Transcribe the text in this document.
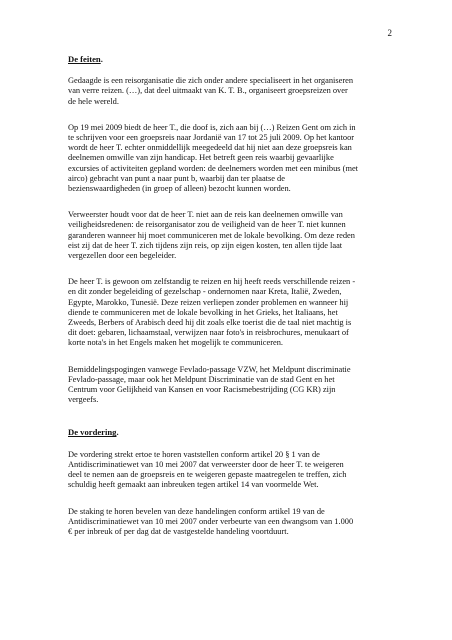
2

De feiten.

Gedaagde is een reisorganisatie die zich onder andere specialiseert in het organiseren
van verre reizen. (…), dat deel uitmaakt van K. T. B., organiseert groepsreizen over
de hele wereld.

Op 19 mei 2009 biedt de heer T., die doof is, zich aan bij (…) Reizen Gent om zich in
te schrijven voor een groepsreis naar Jordanië van 17 tot 25 juli 2009. Op het kantoor
wordt de heer T. echter onmiddellijk meegedeeld dat hij niet aan deze groepsreis kan
deelnemen omwille van zijn handicap. Het betreft geen reis waarbij gevaarlijke
excursies of activiteiten gepland worden: de deelnemers worden met een minibus (met
airco) gebracht van punt a naar punt b, waarbij dan ter plaatse de
bezienswaardigheden (in groep of alleen) bezocht kunnen worden.

Verweerster houdt voor dat de heer T. niet aan de reis kan deelnemen omwille van
veiligheidsredenen: de reisorganisator zou de veiligheid van de heer T. niet kunnen
garanderen wanneer hij moet communiceren met de lokale bevolking. Om deze reden
eist zij dat de heer T. zich tijdens zijn reis, op zijn eigen kosten, ten allen tijde laat
vergezellen door een begeleider.

De heer T. is gewoon om zelfstandig te reizen en hij heeft reeds verschillende reizen -
en dit zonder begeleiding of gezelschap - ondernomen naar Kreta, Italië, Zweden,
Egypte, Marokko, Tunesië. Deze reizen verliepen zonder problemen en wanneer hij
diende te communiceren met de lokale bevolking in het Grieks, het Italiaans, het
Zweeds, Berbers of Arabisch deed hij dit zoals elke toerist die de taal niet machtig is
dit doet: gebaren, lichaamstaal, verwijzen naar foto's in reisbrochures, menukaart of
korte nota's in het Engels maken het mogelijk te communiceren.

Bemiddelingspogingen vanwege Fevlado-passage VZW, het Meldpunt discriminatie
Fevlado-passage, maar ook het Meldpunt Discriminatie van de stad Gent en het
Centrum voor Gelijkheid van Kansen en voor Racismebestrijding (CG KR) zijn
vergeefs.

De vordering.

De vordering strekt ertoe te horen vaststellen conform artikel 20 § 1 van de
Antidiscriminatiewet van 10 mei 2007 dat verweerster door de heer T. te weigeren
deel te nemen aan de groepsreis en te weigeren gepaste maatregelen te treffen, zich
schuldig heeft gemaakt aan inbreuken tegen artikel 14 van voormelde Wet.

De staking te horen bevelen van deze handelingen conform artikel 19 van de
Antidiscriminatiewet van 10 mei 2007 onder verbeurte van een dwangsom van 1.000
€ per inbreuk of per dag dat de vastgestelde handeling voortduurt.
